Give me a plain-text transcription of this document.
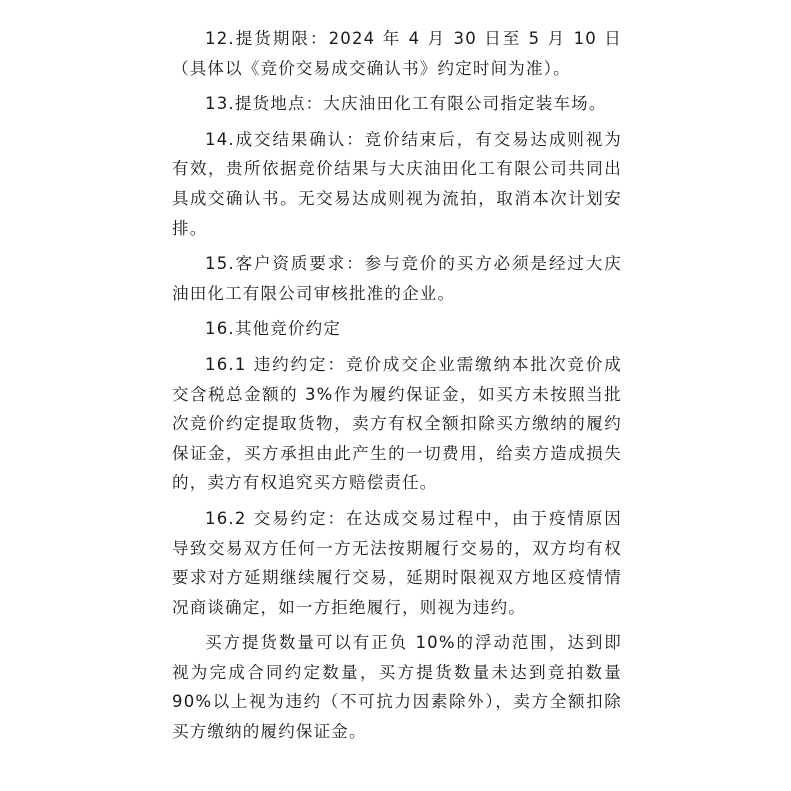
12.提货期限：2024 年 4 月 30 日至 5 月 10 日（具体以《竞价交易成交确认书》约定时间为准）。

13.提货地点：大庆油田化工有限公司指定装车场。

14.成交结果确认：竞价结束后，有交易达成则视为有效，贵所依据竞价结果与大庆油田化工有限公司共同出具成交确认书。无交易达成则视为流拍，取消本次计划安排。

15.客户资质要求：参与竞价的买方必须是经过大庆油田化工有限公司审核批准的企业。

16.其他竞价约定

16.1 违约约定：竞价成交企业需缴纳本批次竞价成交含税总金额的 3%作为履约保证金，如买方未按照当批次竞价约定提取货物，卖方有权全额扣除买方缴纳的履约保证金，买方承担由此产生的一切费用，给卖方造成损失的，卖方有权追究买方赔偿责任。

16.2 交易约定：在达成交易过程中，由于疫情原因导致交易双方任何一方无法按期履行交易的，双方均有权要求对方延期继续履行交易，延期时限视双方地区疫情情况商谈确定，如一方拒绝履行，则视为违约。

买方提货数量可以有正负 10%的浮动范围，达到即视为完成合同约定数量，买方提货数量未达到竞拍数量 90%以上视为违约（不可抗力因素除外），卖方全额扣除买方缴纳的履约保证金。
